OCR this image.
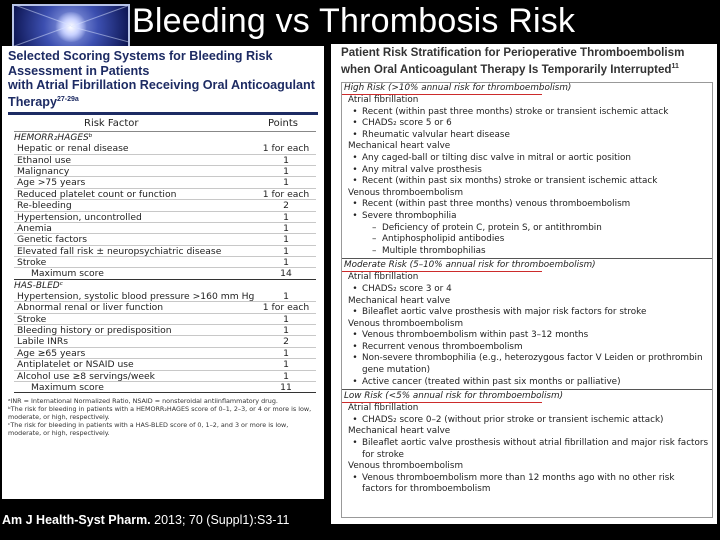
Bleeding vs Thrombosis Risk
Selected Scoring Systems for Bleeding Risk Assessment in Patients
with Atrial Fibrillation Receiving Oral Anticoagulant Therapy$^{27-29a}$
Risk Factor	Points
HEMORR₂HAGESᵇ
Hepatic or renal disease	1 for each
Ethanol use	1
Malignancy	1
Age >75 years	1
Reduced platelet count or function	1 for each
Re-bleeding	2
Hypertension, uncontrolled	1
Anemia	1
Genetic factors	1
Elevated fall risk ± neuropsychiatric disease	1
Stroke	1
Maximum score	14
HAS-BLEDᶜ
Hypertension, systolic blood pressure >160 mm Hg	1
Abnormal renal or liver function	1 for each
Stroke	1
Bleeding history or predisposition	1
Labile INRs	2
Age ≥65 years	1
Antiplatelet or NSAID use	1
Alcohol use ≥8 servings/week	1
Maximum score	11
ᵃINR = International Normalized Ratio, NSAID = nonsteroidal antiinflammatory drug.
ᵇThe risk for bleeding in patients with a HEMORR₂HAGES score of 0–1, 2–3, or 4 or more is low, moderate, or high, respectively.
ᶜThe risk for bleeding in patients with a HAS-BLED score of 0, 1–2, and 3 or more is low, moderate, or high, respectively.
Am J Health-Syst Pharm. 2013; 70 (Suppl1):S3-11
Patient Risk Stratification for Perioperative Thromboembolism
when Oral Anticoagulant Therapy Is Temporarily Interrupted$^{11}$
High Risk (>10% annual risk for thromboembolism)
Atrial fibrillation
• Recent (within past three months) stroke or transient ischemic attack
• CHADS₂ score 5 or 6
• Rheumatic valvular heart disease
Mechanical heart valve
• Any caged-ball or tilting disc valve in mitral or aortic position
• Any mitral valve prosthesis
• Recent (within past six months) stroke or transient ischemic attack
Venous thromboembolism
• Recent (within past three months) venous thromboembolism
• Severe thrombophilia
– Deficiency of protein C, protein S, or antithrombin
– Antiphospholipid antibodies
– Multiple thrombophilias
Moderate Risk (5–10% annual risk for thromboembolism)
Atrial fibrillation
• CHADS₂ score 3 or 4
Mechanical heart valve
• Bileaflet aortic valve prosthesis with major risk factors for stroke
Venous thromboembolism
• Venous thromboembolism within past 3–12 months
• Recurrent venous thromboembolism
• Non-severe thrombophilia (e.g., heterozygous factor V Leiden or prothrombin
gene mutation)
• Active cancer (treated within past six months or palliative)
Low Risk (<5% annual risk for thromboembolism)
Atrial fibrillation
• CHADS₂ score 0–2 (without prior stroke or transient ischemic attack)
Mechanical heart valve
• Bileaflet aortic valve prosthesis without atrial fibrillation and major risk factors
for stroke
Venous thromboembolism
• Venous thromboembolism more than 12 months ago with no other risk
factors for thromboembolism
